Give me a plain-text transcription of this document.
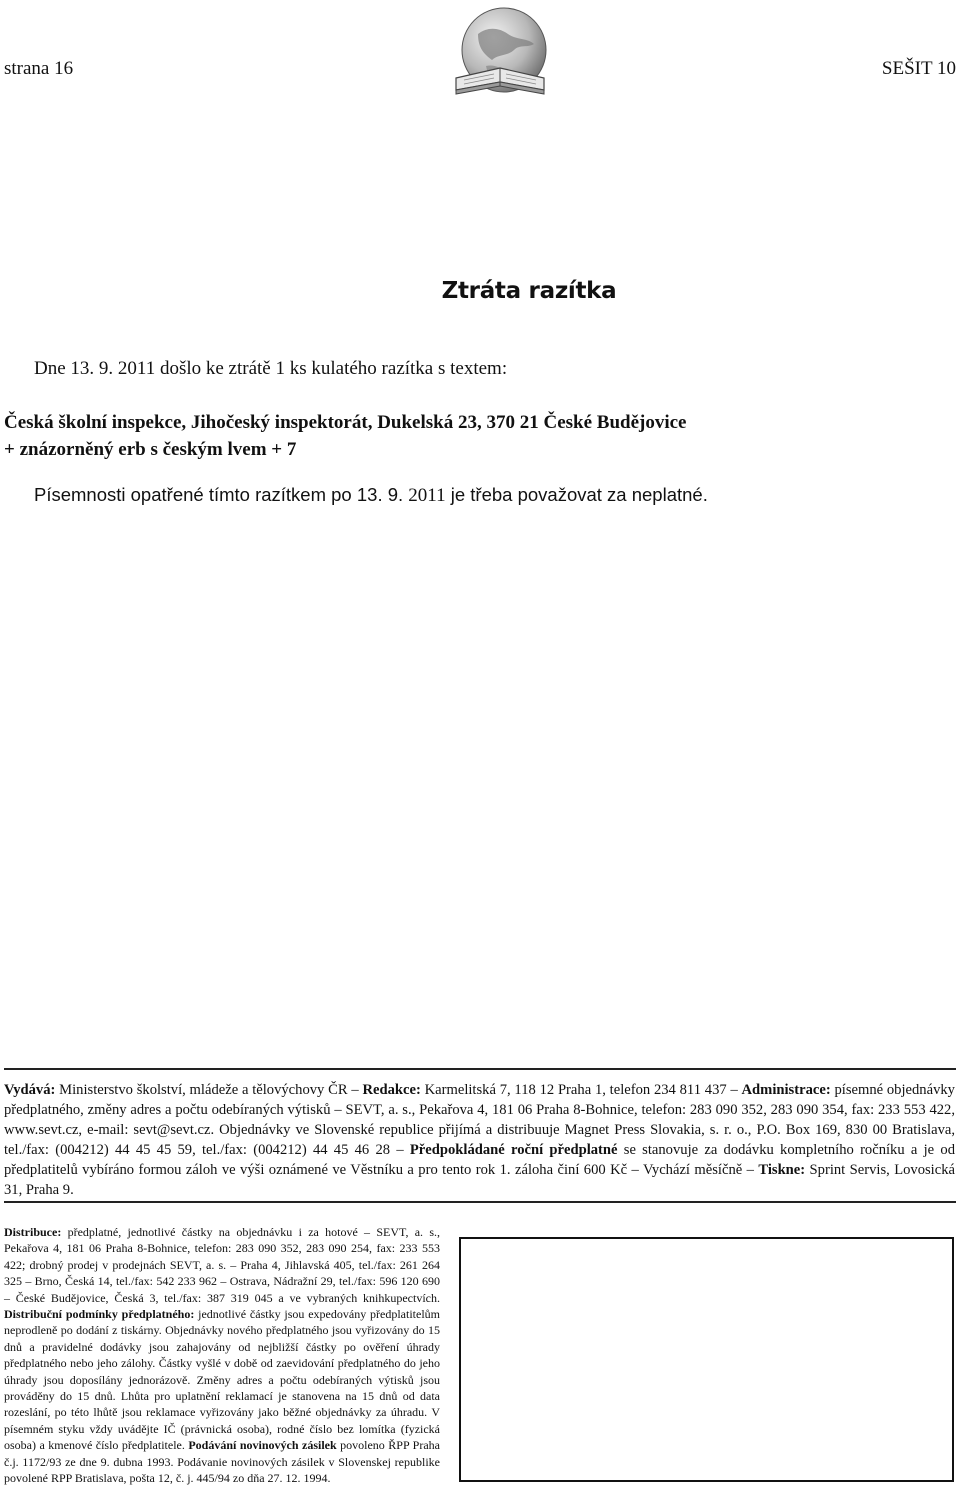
strana 16	SEŠIT 10
Ztráta razítka
Dne 13. 9. 2011 došlo ke ztrátě 1 ks kulatého razítka s textem:
Česká školní inspekce, Jihočeský inspektorát, Dukelská 23, 370 21 České Budějovice
+ znázorněný erb s českým lvem + 7
Písemnosti opatřené tímto razítkem po 13. 9. 2011 je třeba považovat za neplatné.

Vydává: Ministerstvo školství, mládeže a tělovýchovy ČR – Redakce: Karmelitská 7, 118 12 Praha 1, telefon 234 811 437 – Administrace: písemné objednávky předplatného, změny adres a počtu odebíraných výtisků – SEVT, a. s., Pekařova 4, 181 06 Praha 8-Bohnice, telefon: 283 090 352, 283 090 354, fax: 233 553 422, www.sevt.cz, e-mail: sevt@sevt.cz. Objednávky ve Slovenské republice přijímá a distribuuje Magnet Press Slovakia, s. r. o., P.O. Box 169, 830 00 Bratislava, tel./fax: (004212) 44 45 45 59, tel./fax: (004212) 44 45 46 28 – Předpokládané roční předplatné se stanovuje za dodávku kompletního ročníku a je od předplatitelů vybíráno formou záloh ve výši oznámené ve Věstníku a pro tento rok 1. záloha činí 600 Kč – Vychází měsíčně – Tiskne: Sprint Servis, Lovosická 31, Praha 9.

Distribuce: předplatné, jednotlivé částky na objednávku i za hotové – SEVT, a. s., Pekařova 4, 181 06 Praha 8-Bohnice, telefon: 283 090 352, 283 090 254, fax: 233 553 422; drobný prodej v prodejnách SEVT, a. s. – Praha 4, Jihlavská 405, tel./fax: 261 264 325 – Brno, Česká 14, tel./fax: 542 233 962 – Ostrava, Nádražní 29, tel./fax: 596 120 690 – České Budějovice, Česká 3, tel./fax: 387 319 045 a ve vybraných knihkupectvích. Distribuční podmínky předplatného: jednotlivé částky jsou expedovány předplatitelům neprodleně po dodání z tiskárny. Objednávky nového předplatného jsou vyřizovány do 15 dnů a pravidelné dodávky jsou zahajovány od nejbližší částky po ověření úhrady předplatného nebo jeho zálohy. Částky vyšlé v době od zaevidování předplatného do jeho úhrady jsou doposílány jednorázově. Změny adres a počtu odebíraných výtisků jsou prováděny do 15 dnů. Lhůta pro uplatnění reklamací je stanovena na 15 dnů od data rozeslání, po této lhůtě jsou reklamace vyřizovány jako běžné objednávky za úhradu. V písemném styku vždy uvádějte IČ (právnická osoba), rodné číslo bez lomítka (fyzická osoba) a kmenové číslo předplatitele. Podávání novinových zásilek povoleno ŘPP Praha č.j. 1172/93 ze dne 9. dubna 1993. Podávanie novinových zásilek v Slovenskej republike povolené RPP Bratislava, pošta 12, č. j. 445/94 zo dňa 27. 12. 1994.
